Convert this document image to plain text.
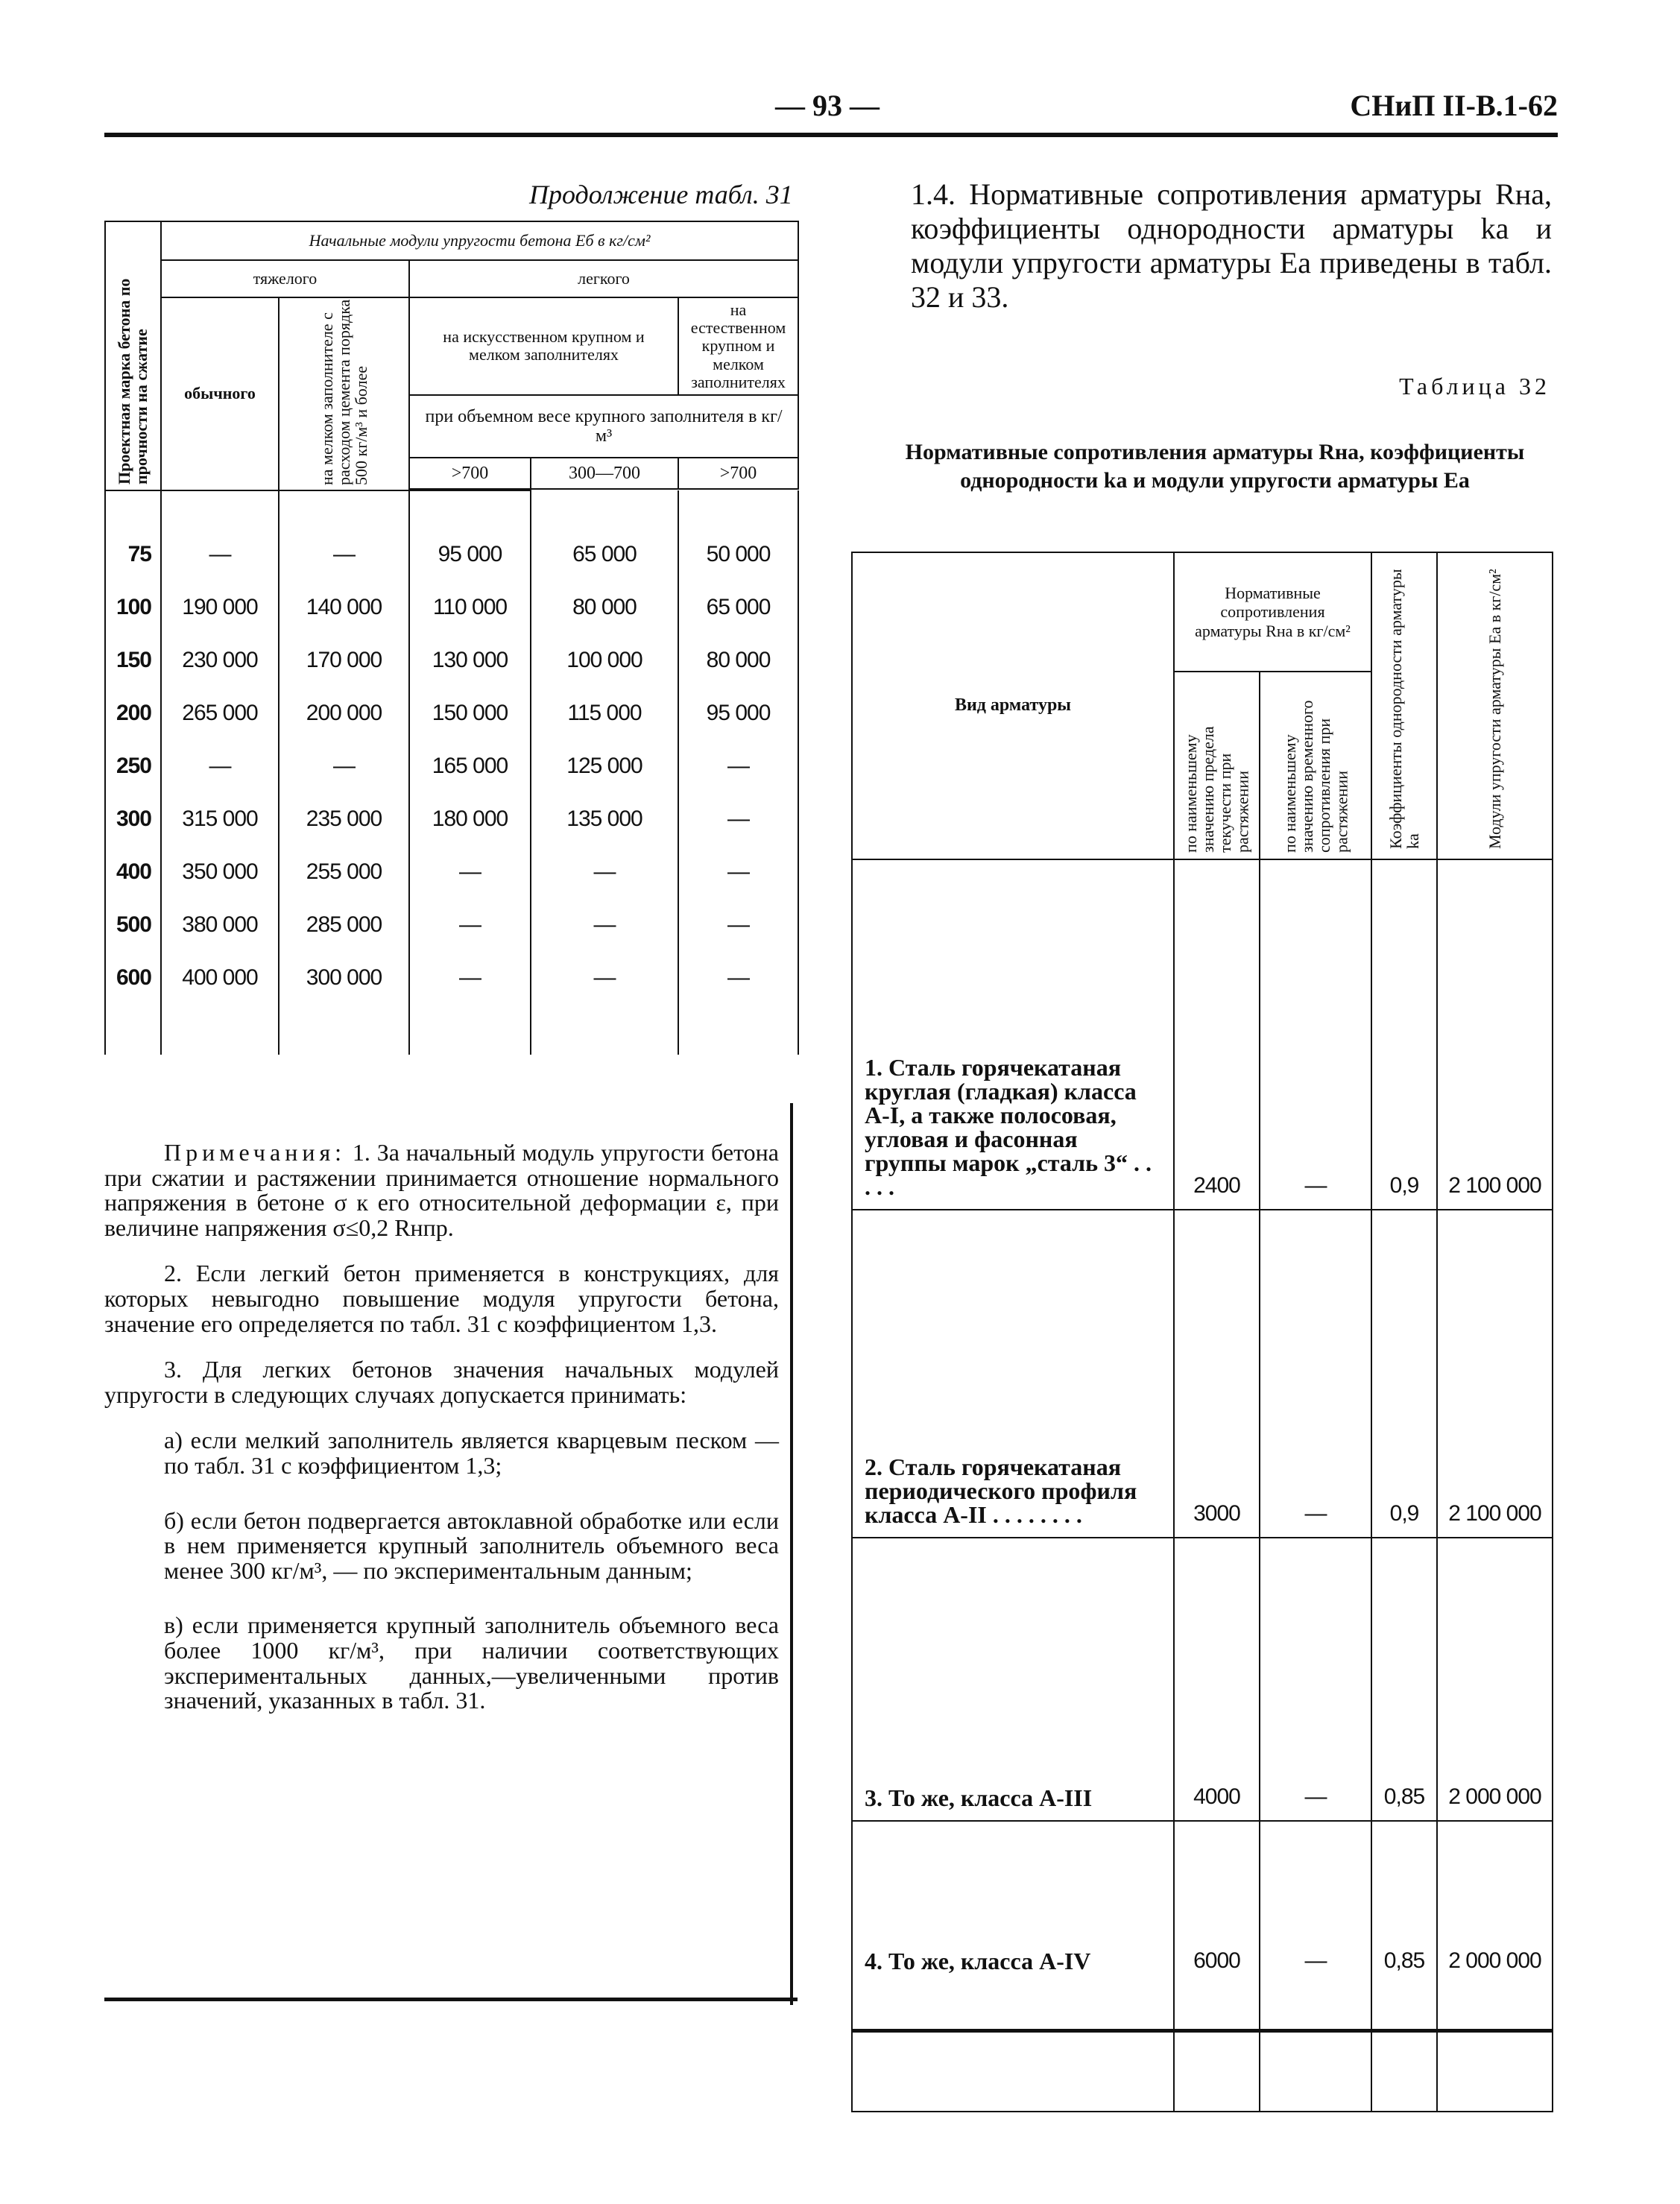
— 93 —	СНиП II-В.1-62
Продолжение табл. 31
Проектная марка бетона по прочности на сжатие	Начальные модули упругости бетона Eб в кг/см²				
	тяжелого		легкого		
	обычного	на мелком заполнителе с расходом цемента порядка 500 кг/м³ и более	на искусственном крупном и мелком заполнителях		на естественном крупном и мелком заполнителях
			при объемном весе крупного заполнителя в кг/м³		
			>700	300—700	>700

75	—	—	95 000	65 000	50 000
100	190 000	140 000	110 000	80 000	65 000
150	230 000	170 000	130 000	100 000	80 000
200	265 000	200 000	150 000	115 000	95 000
250	—	—	165 000	125 000	—
300	315 000	235 000	180 000	135 000	—
400	350 000	255 000	—	—	—
500	380 000	285 000	—	—	—
600	400 000	300 000	—	—	—

Примечания: 1. За начальный модуль упругости бетона при сжатии и растяжении принимается отношение нормального напряжения в бетоне σ к его относительной деформации ε, при величине напряжения σ≤0,2 Rнпр.

2. Если легкий бетон применяется в конструкциях, для которых невыгодно повышение модуля упругости бетона, значение его определяется по табл. 31 с коэффициентом 1,3.

3. Для легких бетонов значения начальных модулей упругости в следующих случаях допускается принимать:

а) если мелкий заполнитель является кварцевым песком — по табл. 31 с коэффициентом 1,3;

б) если бетон подвергается автоклавной обработке или если в нем применяется крупный заполнитель объемного веса менее 300 кг/м³, — по экспериментальным данным;

в) если применяется крупный заполнитель объемного веса более 1000 кг/м³, при наличии соответствующих экспериментальных данных,—увеличенными против значений, указанных в табл. 31.

1.4. Нормативные сопротивления арматуры Rна, коэффициенты однородности арматуры kа и модули упругости арматуры Eа приведены в табл. 32 и 33.
Таблица 32
Нормативные сопротивления арматуры Rна, коэффициенты однородности kа и модули упругости арматуры Eа
Вид арматуры	Нормативные сопротивления арматуры Rна в кг/см²		Коэффициенты однородности арматуры kа	Модули упругости арматуры Eа в кг/см²
	по наименьшему значению предела текучести при растяжении	по наименьшему значению временного сопротивления при растяжении		
1. Сталь горячекатаная круглая (гладкая) класса А-I, а также полосовая, угловая и фасонная группы марок „сталь 3“ . . . . .	2400	—	0,9	2 100 000
2. Сталь горячекатаная периодического профиля класса А-II . . . . . . . .	3000	—	0,9	2 100 000
3. То же, класса А-III	4000	—	0,85	2 000 000
4. То же, класса А-IV	6000	—	0,85	2 000 000
